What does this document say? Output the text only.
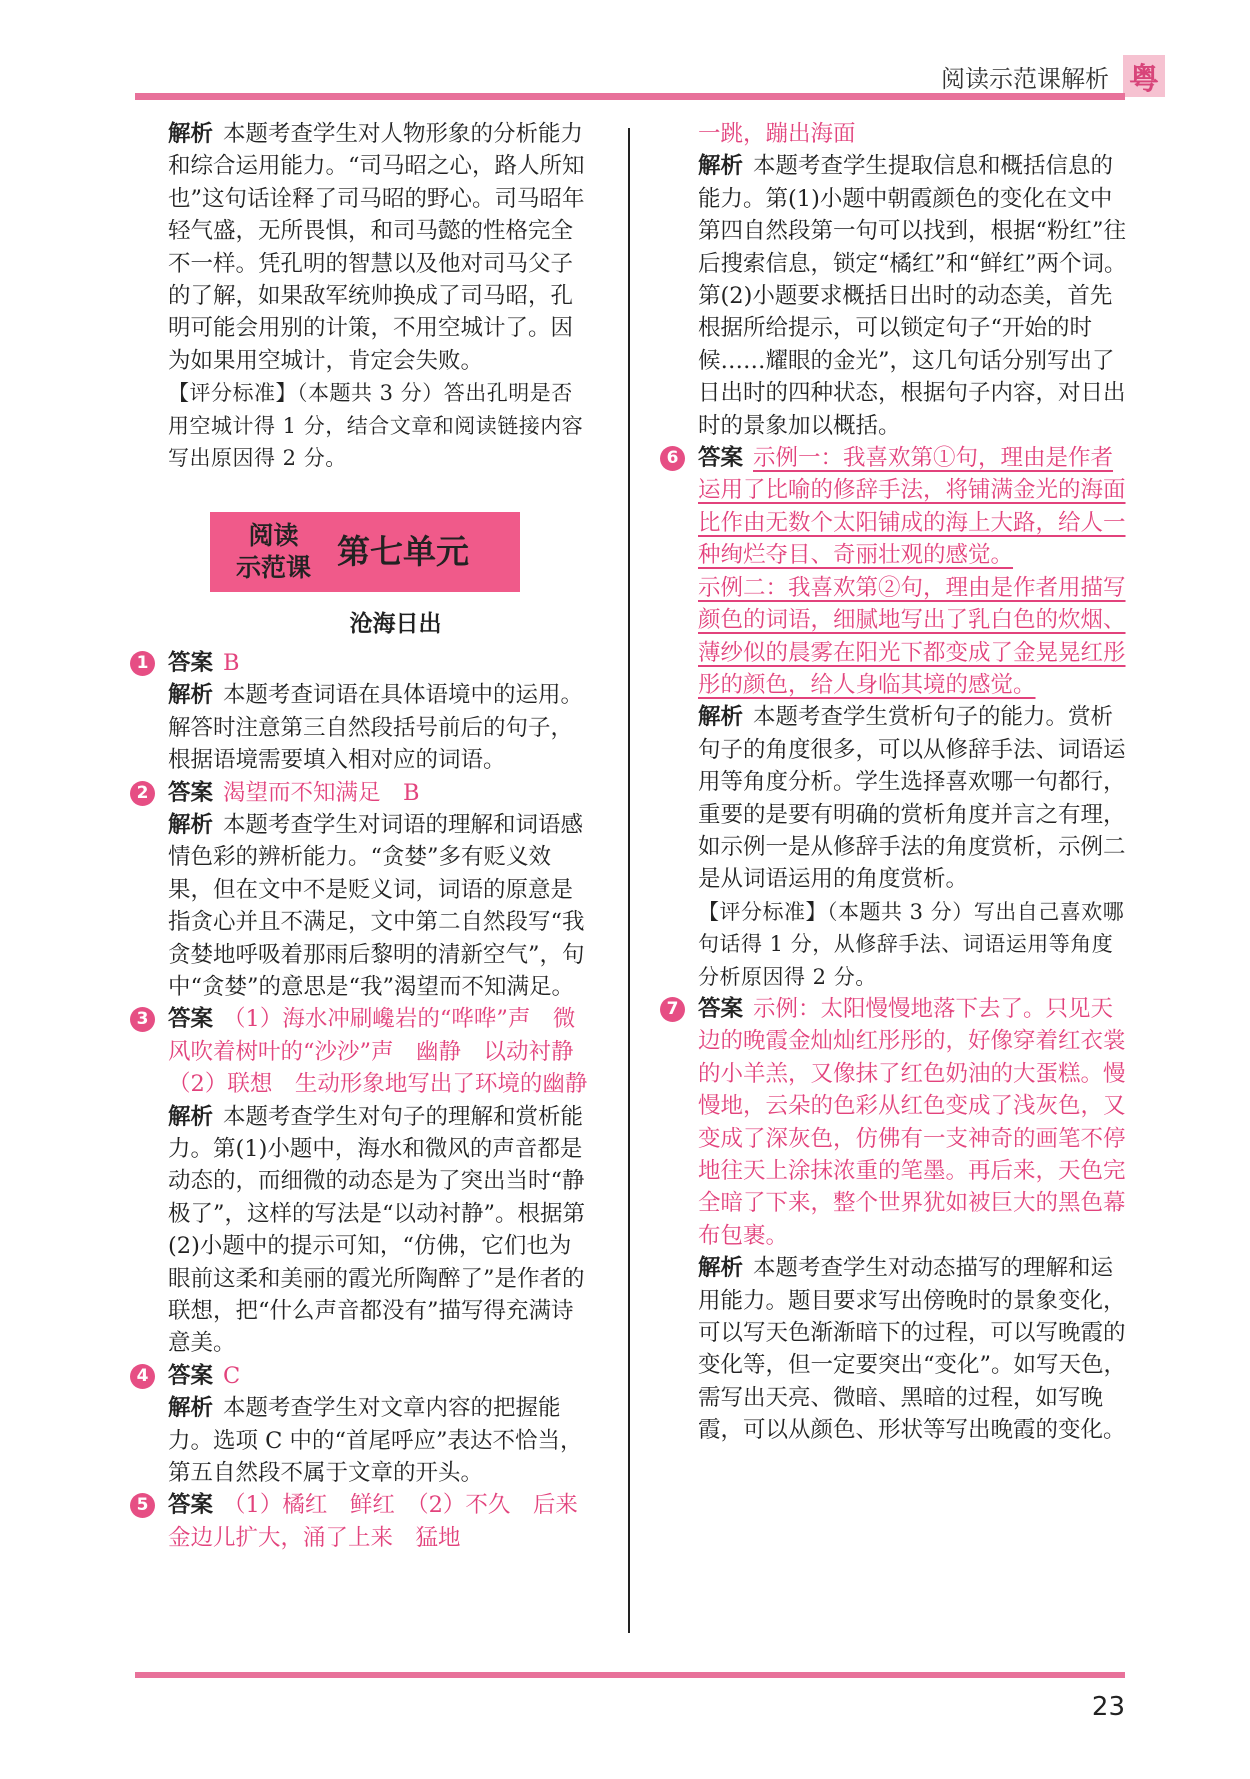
阅读示范课解析 粤

解析 本题考查学生对人物形象的分析能力和综合运用能力。“司马昭之心，路人所知也”这句话诠释了司马昭的野心。司马昭年轻气盛，无所畏惧，和司马懿的性格完全不一样。凭孔明的智慧以及他对司马父子的了解，如果敌军统帅换成了司马昭，孔明可能会用别的计策，不用空城计了。因为如果用空城计，肯定会失败。

【评分标准】（本题共 3 分）答出孔明是否用空城计得 1 分，结合文章和阅读链接内容写出原因得 2 分。

阅读
示范课 第七单元
沧海日出
1 答案 B

解析 本题考查词语在具体语境中的运用。解答时注意第三自然段括号前后的句子，根据语境需要填入相对应的词语。

2 答案 渴望而不知满足　B

解析 本题考查学生对词语的理解和词语感情色彩的辨析能力。“贪婪”多有贬义效果，但在文中不是贬义词，词语的原意是指贪心并且不满足，文中第二自然段写“我贪婪地呼吸着那雨后黎明的清新空气”，句中“贪婪”的意思是“我”渴望而不知满足。

3 答案 （1）海水冲刷巉岩的“哗哗”声　微风吹着树叶的“沙沙”声　幽静　以动衬静　（2）联想　生动形象地写出了环境的幽静

解析 本题考查学生对句子的理解和赏析能力。第(1)小题中，海水和微风的声音都是动态的，而细微的动态是为了突出当时“静极了”，这样的写法是“以动衬静”。根据第(2)小题中的提示可知，“仿佛，它们也为眼前这柔和美丽的霞光所陶醉了”是作者的联想，把“什么声音都没有”描写得充满诗意美。

4 答案 C

解析 本题考查学生对文章内容的把握能力。选项 C 中的“首尾呼应”表达不恰当，第五自然段不属于文章的开头。

5 答案 （1）橘红　鲜红　（2）不久　后来　金边儿扩大，涌了上来　猛地

一跳，蹦出海面

解析 本题考查学生提取信息和概括信息的能力。第(1)小题中朝霞颜色的变化在文中第四自然段第一句可以找到，根据“粉红”往后搜索信息，锁定“橘红”和“鲜红”两个词。第(2)小题要求概括日出时的动态美，首先根据所给提示，可以锁定句子“开始的时候……耀眼的金光”，这几句话分别写出了日出时的四种状态，根据句子内容，对日出时的景象加以概括。

6 答案 示例一：我喜欢第①句，理由是作者运用了比喻的修辞手法，将铺满金光的海面比作由无数个太阳铺成的海上大路，给人一种绚烂夺目、奇丽壮观的感觉。

示例二：我喜欢第②句，理由是作者用描写颜色的词语，细腻地写出了乳白色的炊烟、薄纱似的晨雾在阳光下都变成了金晃晃红彤彤的颜色，给人身临其境的感觉。

解析 本题考查学生赏析句子的能力。赏析句子的角度很多，可以从修辞手法、词语运用等角度分析。学生选择喜欢哪一句都行，重要的是要有明确的赏析角度并言之有理，如示例一是从修辞手法的角度赏析，示例二是从词语运用的角度赏析。

【评分标准】（本题共 3 分）写出自己喜欢哪句话得 1 分，从修辞手法、词语运用等角度分析原因得 2 分。

7 答案 示例：太阳慢慢地落下去了。只见天边的晚霞金灿灿红彤彤的，好像穿着红衣裳的小羊羔，又像抹了红色奶油的大蛋糕。慢慢地，云朵的色彩从红色变成了浅灰色，又变成了深灰色，仿佛有一支神奇的画笔不停地往天上涂抹浓重的笔墨。再后来，天色完全暗了下来，整个世界犹如被巨大的黑色幕布包裹。

解析 本题考查学生对动态描写的理解和运用能力。题目要求写出傍晚时的景象变化，可以写天色渐渐暗下的过程，可以写晚霞的变化等，但一定要突出“变化”。如写天色，需写出天亮、微暗、黑暗的过程，如写晚霞，可以从颜色、形状等写出晚霞的变化。

23
